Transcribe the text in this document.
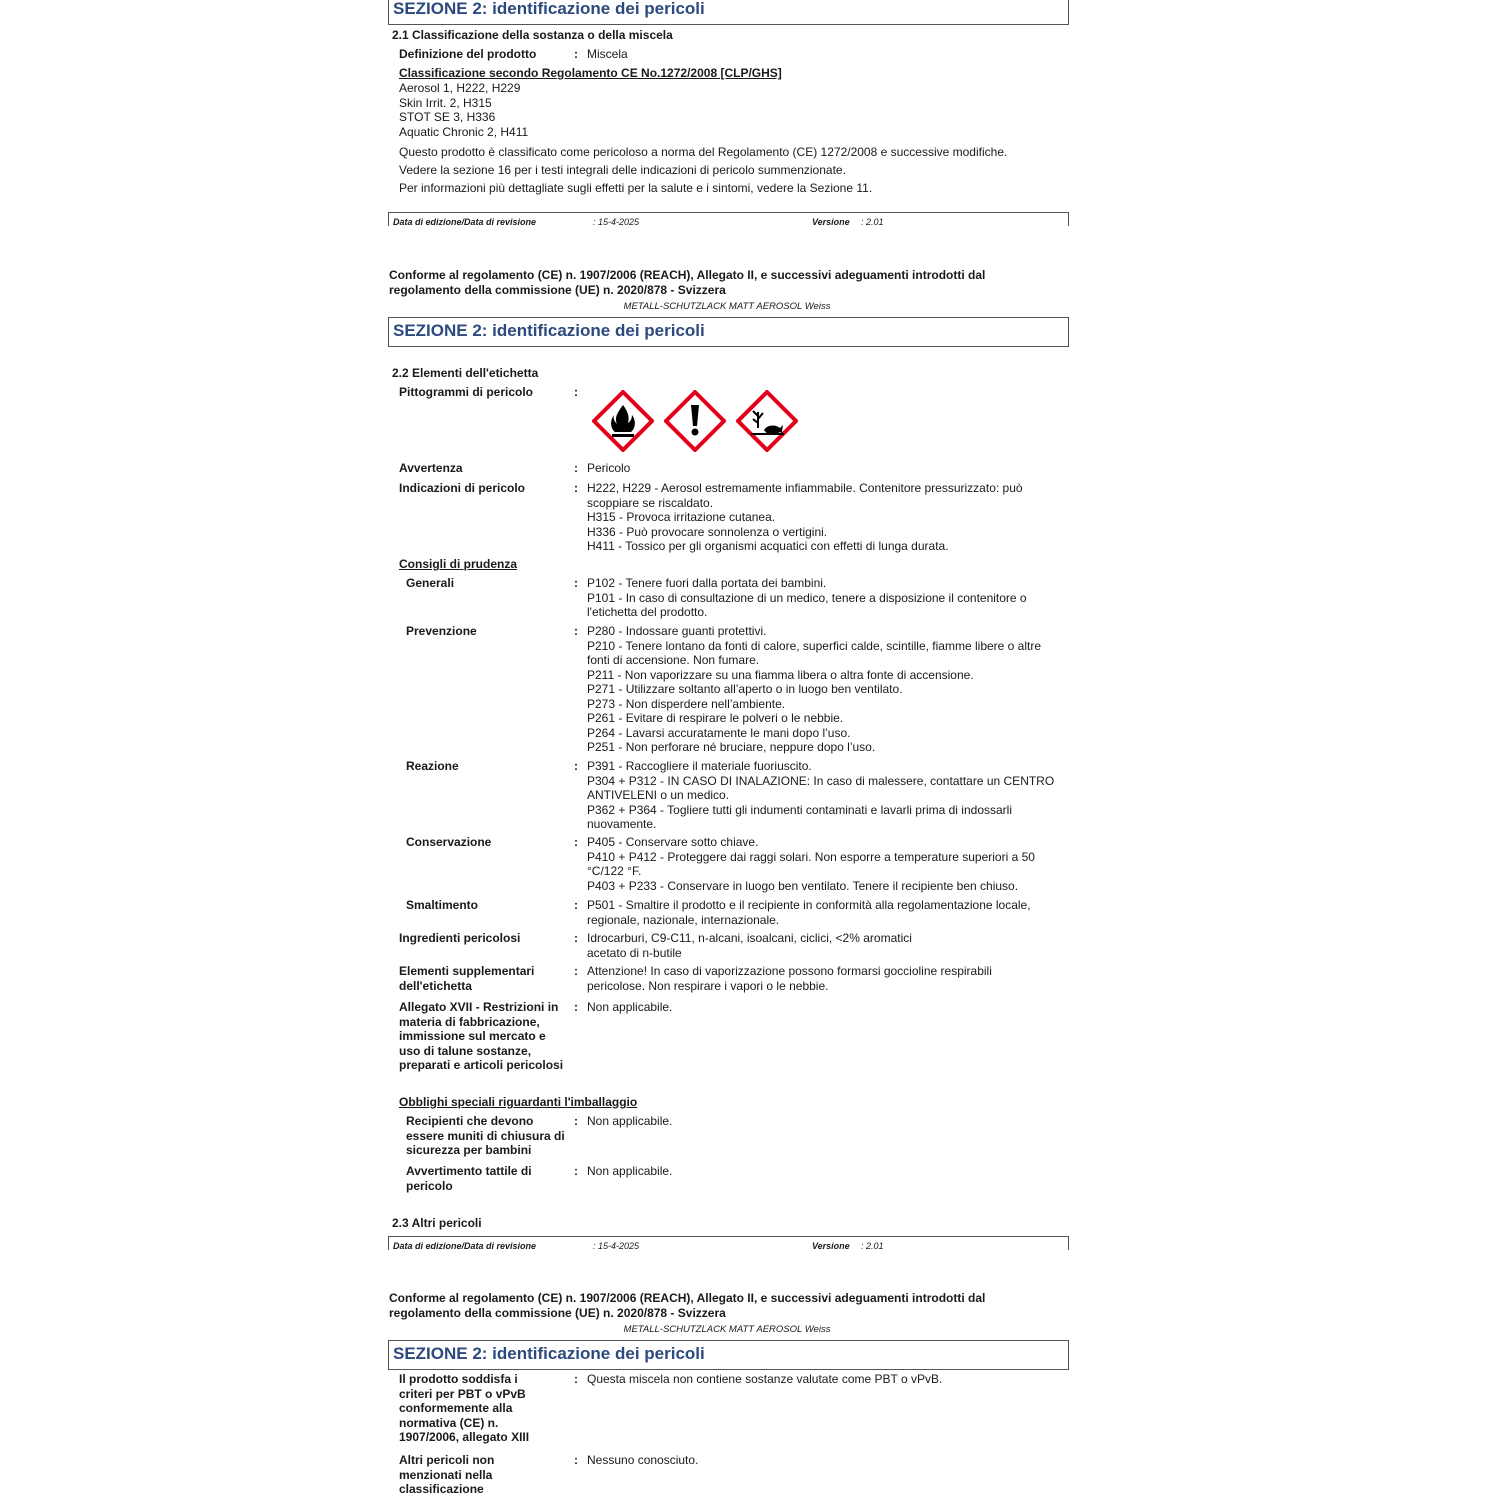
SEZIONE 2: identificazione dei pericoli
2.1 Classificazione della sostanza o della miscela
Definizione del prodotto	: Miscela
Classificazione secondo Regolamento CE No.1272/2008 [CLP/GHS]
Aerosol 1, H222, H229
Skin Irrit. 2, H315
STOT SE 3, H336
Aquatic Chronic 2, H411
Questo prodotto è classificato come pericoloso a norma del Regolamento (CE) 1272/2008 e successive modifiche.
Vedere la sezione 16 per i testi integrali delle indicazioni di pericolo summenzionate.
Per informazioni più dettagliate sugli effetti per la salute e i sintomi, vedere la Sezione 11.
Data di edizione/Data di revisione	: 15-4-2025	Versione : 2.01
Conforme al regolamento (CE) n. 1907/2006 (REACH), Allegato II, e successivi adeguamenti introdotti dal
regolamento della commissione (UE) n. 2020/878 - Svizzera
METALL-SCHUTZLACK MATT AEROSOL Weiss
SEZIONE 2: identificazione dei pericoli
2.2 Elementi dell'etichetta
Pittogrammi di pericolo	:
Avvertenza	: Pericolo
Indicazioni di pericolo	: H222, H229 - Aerosol estremamente infiammabile. Contenitore pressurizzato: può scoppiare se riscaldato.
H315 - Provoca irritazione cutanea.
H336 - Può provocare sonnolenza o vertigini.
H411 - Tossico per gli organismi acquatici con effetti di lunga durata.
Consigli di prudenza
Generali	: P102 - Tenere fuori dalla portata dei bambini.
P101 - In caso di consultazione di un medico, tenere a disposizione il contenitore o l'etichetta del prodotto.
Prevenzione	: P280 - Indossare guanti protettivi.
P210 - Tenere lontano da fonti di calore, superfici calde, scintille, fiamme libere o altre fonti di accensione. Non fumare.
P211 - Non vaporizzare su una fiamma libera o altra fonte di accensione.
P271 - Utilizzare soltanto all’aperto o in luogo ben ventilato.
P273 - Non disperdere nell’ambiente.
P261 - Evitare di respirare le polveri o le nebbie.
P264 - Lavarsi accuratamente le mani dopo l’uso.
P251 - Non perforare né bruciare, neppure dopo l’uso.
Reazione	: P391 - Raccogliere il materiale fuoriuscito.
P304 + P312 - IN CASO DI INALAZIONE: In caso di malessere, contattare un CENTRO ANTIVELENI o un medico.
P362 + P364 - Togliere tutti gli indumenti contaminati e lavarli prima di indossarli nuovamente.
Conservazione	: P405 - Conservare sotto chiave.
P410 + P412 - Proteggere dai raggi solari. Non esporre a temperature superiori a 50 °C/122 °F.
P403 + P233 - Conservare in luogo ben ventilato. Tenere il recipiente ben chiuso.
Smaltimento	: P501 - Smaltire il prodotto e il recipiente in conformità alla regolamentazione locale, regionale, nazionale, internazionale.
Ingredienti pericolosi	: Idrocarburi, C9-C11, n-alcani, isoalcani, ciclici, <2% aromatici
acetato di n-butile
Elementi supplementari dell'etichetta
: Attenzione! In caso di vaporizzazione possono formarsi goccioline respirabili pericolose. Non respirare i vapori o le nebbie.
Allegato XVII - Restrizioni in materia di fabbricazione, immissione sul mercato e uso di talune sostanze, preparati e articoli pericolosi
: Non applicabile.
Obblighi speciali riguardanti l'imballaggio
Recipienti che devono essere muniti di chiusura di sicurezza per bambini
: Non applicabile.
Avvertimento tattile di pericolo
: Non applicabile.
2.3 Altri pericoli
Data di edizione/Data di revisione	: 15-4-2025	Versione : 2.01
Conforme al regolamento (CE) n. 1907/2006 (REACH), Allegato II, e successivi adeguamenti introdotti dal
regolamento della commissione (UE) n. 2020/878 - Svizzera
METALL-SCHUTZLACK MATT AEROSOL Weiss
SEZIONE 2: identificazione dei pericoli
Il prodotto soddisfa i criteri per PBT o vPvB conformemente alla normativa (CE) n. 1907/2006, allegato XIII
: Questa miscela non contiene sostanze valutate come PBT o vPvB.
Altri pericoli non menzionati nella classificazione
: Nessuno conosciuto.
